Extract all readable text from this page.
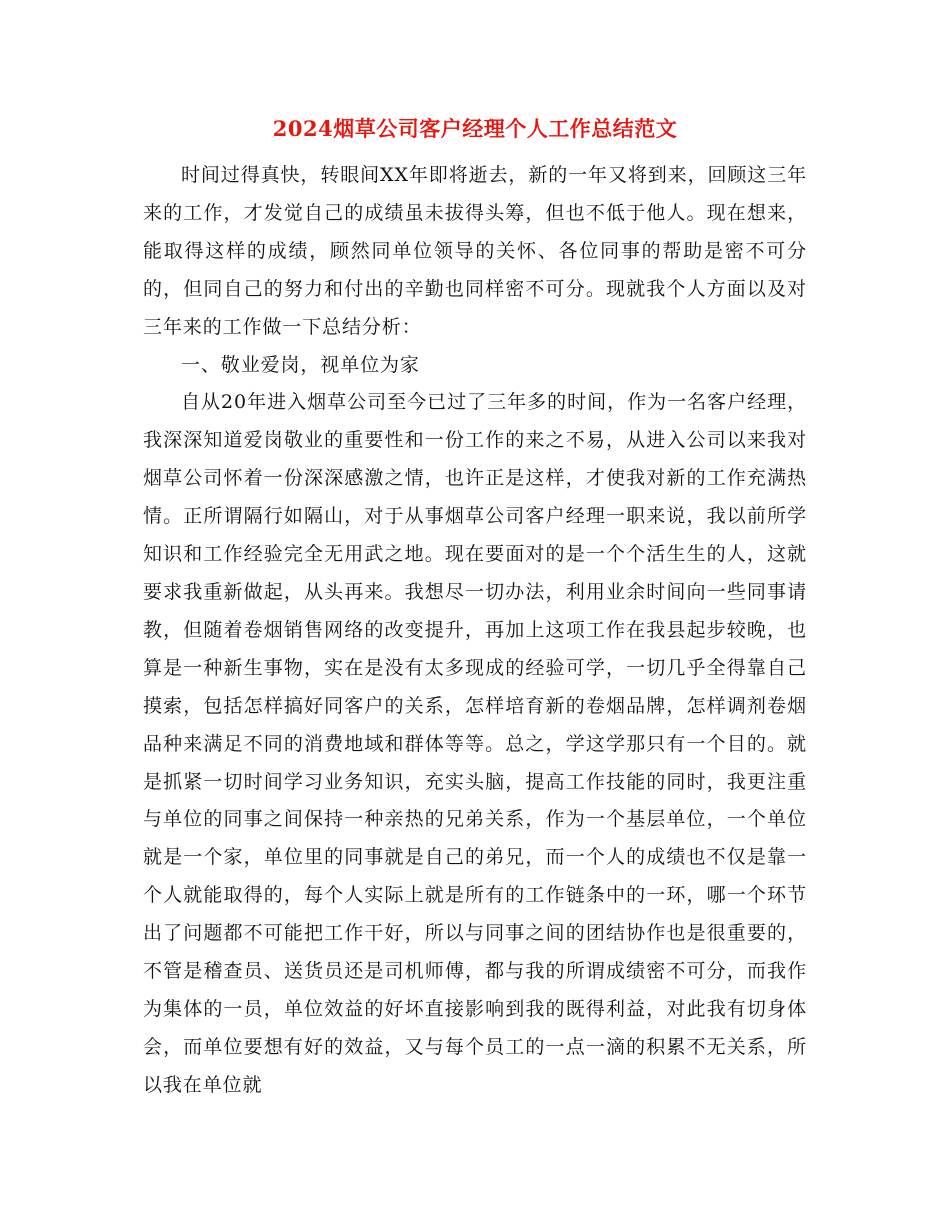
2024烟草公司客户经理个人工作总结范文

时间过得真快，转眼间XX年即将逝去，新的一年又将到来，回顾这三年来的工作，才发觉自己的成绩虽未拔得头筹，但也不低于他人。现在想来，能取得这样的成绩，顾然同单位领导的关怀、各位同事的帮助是密不可分的，但同自己的努力和付出的辛勤也同样密不可分。现就我个人方面以及对三年来的工作做一下总结分析：

一、敬业爱岗，视单位为家

自从20年进入烟草公司至今已过了三年多的时间，作为一名客户经理，我深深知道爱岗敬业的重要性和一份工作的来之不易，从进入公司以来我对烟草公司怀着一份深深感激之情，也许正是这样，才使我对新的工作充满热情。正所谓隔行如隔山，对于从事烟草公司客户经理一职来说，我以前所学知识和工作经验完全无用武之地。现在要面对的是一个个活生生的人，这就要求我重新做起，从头再来。我想尽一切办法，利用业余时间向一些同事请教，但随着卷烟销售网络的改变提升，再加上这项工作在我县起步较晚，也算是一种新生事物，实在是没有太多现成的经验可学，一切几乎全得靠自己摸索，包括怎样搞好同客户的关系，怎样培育新的卷烟品牌，怎样调剂卷烟品种来满足不同的消费地域和群体等等。总之，学这学那只有一个目的。就是抓紧一切时间学习业务知识，充实头脑，提高工作技能的同时，我更注重与单位的同事之间保持一种亲热的兄弟关系，作为一个基层单位，一个单位就是一个家，单位里的同事就是自己的弟兄，而一个人的成绩也不仅是靠一个人就能取得的，每个人实际上就是所有的工作链条中的一环，哪一个环节出了问题都不可能把工作干好，所以与同事之间的团结协作也是很重要的，不管是稽查员、送货员还是司机师傅，都与我的所谓成绩密不可分，而我作为集体的一员，单位效益的好坏直接影响到我的既得利益，对此我有切身体会，而单位要想有好的效益，又与每个员工的一点一滴的积累不无关系，所以我在单位就
